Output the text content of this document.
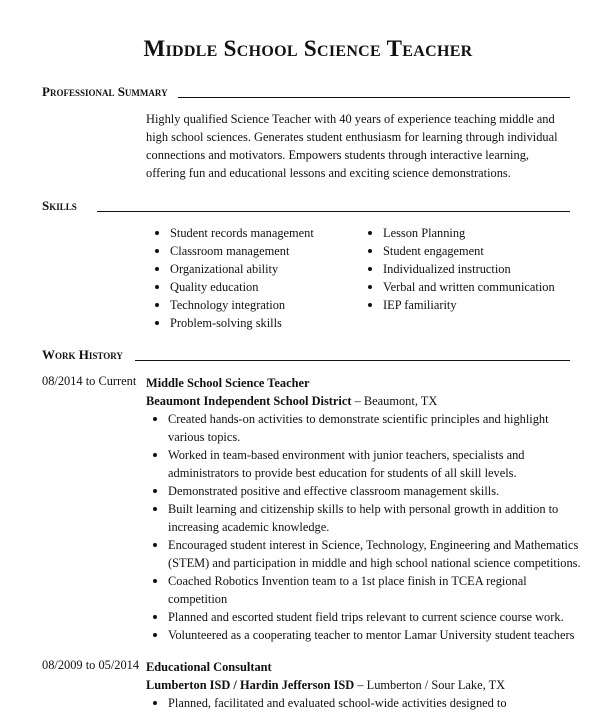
Middle School Science Teacher
Professional Summary
Highly qualified Science Teacher with 40 years of experience teaching middle and high school sciences. Generates student enthusiasm for learning through individual connections and motivators. Empowers students through interactive learning, offering fun and educational lessons and exciting science demonstrations.
Skills
Student records management
Classroom management
Organizational ability
Quality education
Technology integration
Problem-solving skills
Lesson Planning
Student engagement
Individualized instruction
Verbal and written communication
IEP familiarity
Work History
08/2014 to Current Middle School Science Teacher
Beaumont Independent School District – Beaumont, TX
Created hands-on activities to demonstrate scientific principles and highlight various topics.
Worked in team-based environment with junior teachers, specialists and administrators to provide best education for students of all skill levels.
Demonstrated positive and effective classroom management skills.
Built learning and citizenship skills to help with personal growth in addition to increasing academic knowledge.
Encouraged student interest in Science, Technology, Engineering and Mathematics (STEM) and participation in middle and high school national science competitions.
Coached Robotics Invention team to a 1st place finish in TCEA regional competition
Planned and escorted student field trips relevant to current science course work.
Volunteered as a cooperating teacher to mentor Lamar University student teachers
08/2009 to 05/2014 Educational Consultant
Lumberton ISD / Hardin Jefferson ISD – Lumberton / Sour Lake, TX
Planned, facilitated and evaluated school-wide activities designed to
